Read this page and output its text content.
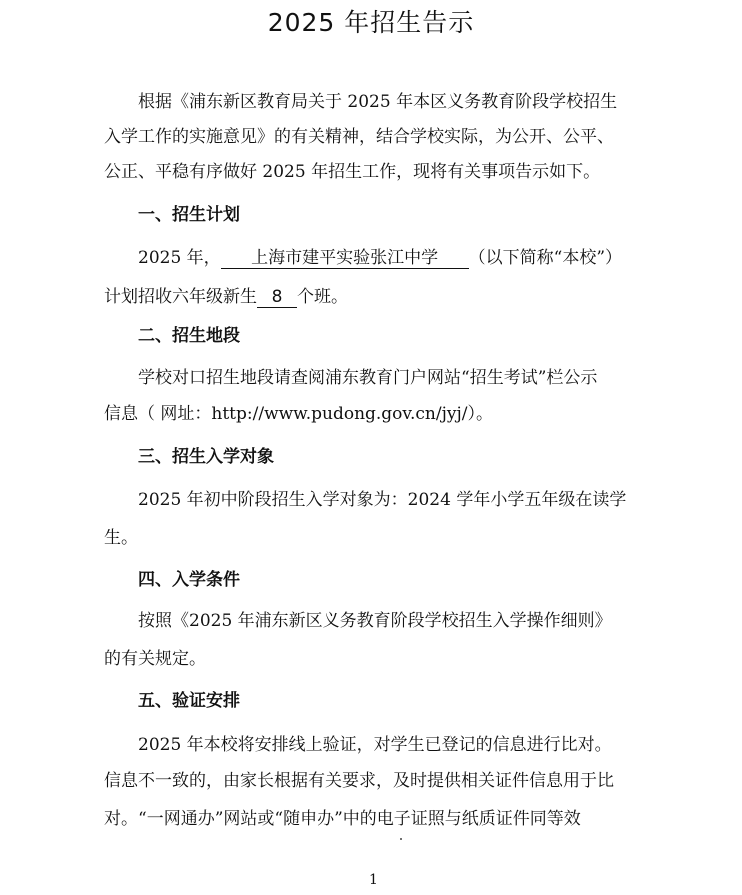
2025 年招生告示
根据《浦东新区教育局关于 2025 年本区义务教育阶段学校招生
入学工作的实施意见》的有关精神，结合学校实际，为公开、公平、
公正、平稳有序做好 2025 年招生工作，现将有关事项告示如下。
一、招生计划
2025 年， 上海市建平实验张江中学 （以下简称“本校”）
计划招收六年级新生 8 个班。
二、招生地段
学校对口招生地段请查阅浦东教育门户网站“招生考试”栏公示
信息（ 网址：http://www.pudong.gov.cn/jyj/）。
三、招生入学对象
2025 年初中阶段招生入学对象为：2024 学年小学五年级在读学
生。
四、入学条件
按照《2025 年浦东新区义务教育阶段学校招生入学操作细则》
的有关规定。
五、验证安排
2025 年本校将安排线上验证，对学生已登记的信息进行比对。
信息不一致的，由家长根据有关要求，及时提供相关证件信息用于比
对。“一网通办”网站或“随申办”中的电子证照与纸质证件同等效
1
